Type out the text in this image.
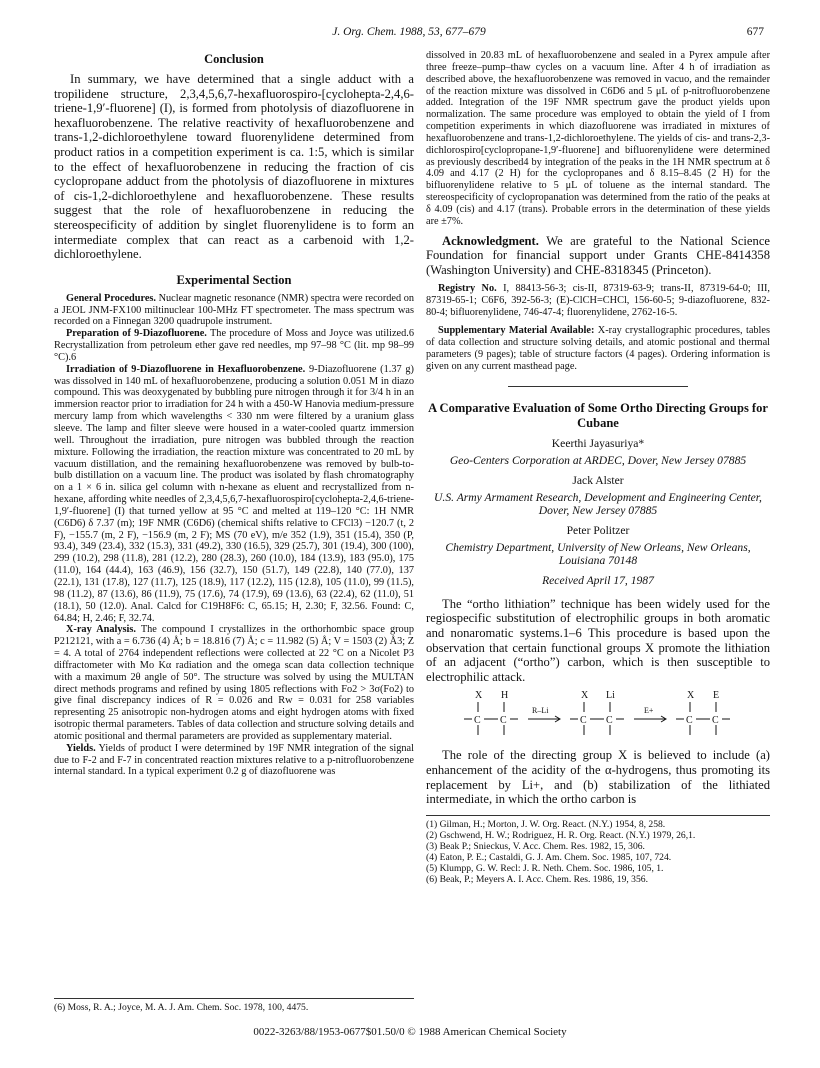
J. Org. Chem. 1988, 53, 677–679	677
Conclusion

In summary, we have determined that a single adduct with a tropilidene structure, 2,3,4,5,6,7-hexafluorospiro-[cyclohepta-2,4,6-triene-1,9′-fluorene] (I), is formed from photolysis of diazofluorene in hexafluorobenzene. The relative reactivity of hexafluorobenzene and trans-1,2-dichloroethylene toward fluorenylidene determined from product ratios in a competition experiment is ca. 1:5, which is similar to the effect of hexafluorobenzene in reducing the fraction of cis cyclopropane adduct from the photolysis of diazofluorene in mixtures of cis-1,2-dichloroethylene and hexafluorobenzene. These results suggest that the role of hexafluorobenzene in reducing the stereospecificity of addition by singlet fluorenylidene is to form an intermediate complex that can react as a carbenoid with 1,2-dichloroethylene.

Experimental Section

General Procedures. Nuclear magnetic resonance (NMR) spectra were recorded on a JEOL JNM-FX100 miltinuclear 100-MHz FT spectrometer. The mass spectrum was recorded on a Finnegan 3200 quadrupole instrument.

Preparation of 9-Diazofluorene. The procedure of Moss and Joyce was utilized.6 Recrystallization from petroleum ether gave red needles, mp 97–98 °C (lit. mp 98–99 °C).6

Irradiation of 9-Diazofluorene in Hexafluorobenzene. 9-Diazofluorene (1.37 g) was dissolved in 140 mL of hexafluorobenzene, producing a solution 0.051 M in diazo compound. This was deoxygenated by bubbling pure nitrogen through it for 3/4 h in an immersion reactor prior to irradiation for 24 h with a 450-W Hanovia medium-pressure mercury lamp from which wavelengths < 330 nm were filtered by a uranium glass sleeve. The lamp and filter sleeve were housed in a water-cooled quartz immersion well. Throughout the irradiation, pure nitrogen was bubbled through the reaction mixture. Following the irradiation, the reaction mixture was concentrated to 20 mL by vacuum distillation, and the remaining hexafluorobenzene was removed by bulb-to-bulb distillation on a vacuum line. The product was isolated by flash chromatography on a 1 × 6 in. silica gel column with n-hexane as eluent and recrystallized from n-hexane, affording white needles of 2,3,4,5,6,7-hexafluorospiro[cyclohepta-2,4,6-triene-1,9′-fluorene] (I) that turned yellow at 95 °C and melted at 119–120 °C: 1H NMR (C6D6) δ 7.37 (m); 19F NMR (C6D6) (chemical shifts relative to CFCl3) −120.7 (t, 2 F), −155.7 (m, 2 F), −156.9 (m, 2 F); MS (70 eV), m/e 352 (1.9), 351 (15.4), 350 (P, 93.4), 349 (23.4), 332 (15.3), 331 (49.2), 330 (16.5), 329 (25.7), 301 (19.4), 300 (100), 299 (10.2), 298 (11.8), 281 (12.2), 280 (28.3), 260 (10.0), 184 (13.9), 183 (95.0), 175 (11.0), 164 (44.4), 163 (46.9), 156 (32.7), 150 (51.7), 149 (22.8), 140 (77.0), 137 (22.1), 131 (17.8), 127 (11.7), 125 (18.9), 117 (12.2), 115 (12.8), 105 (11.0), 99 (11.5), 98 (11.2), 87 (13.6), 86 (11.9), 75 (17.6), 74 (17.9), 69 (13.6), 63 (22.4), 62 (11.0), 51 (18.1), 50 (12.0). Anal. Calcd for C19H8F6: C, 65.15; H, 2.30; F, 32.56. Found: C, 64.84; H, 2.46; F, 32.74.

X-ray Analysis. The compound I crystallizes in the orthorhombic space group P212121, with a = 6.736 (4) Å; b = 18.816 (7) Å; c = 11.982 (5) Å; V = 1503 (2) Å3; Z = 4. A total of 2764 independent reflections were collected at 22 °C on a Nicolet P3 diffractometer with Mo Kα radiation and the omega scan data collection technique with a maximum 2θ angle of 50°. The structure was solved by using the MULTAN direct methods programs and refined by using 1805 reflections with Fo2 > 3σ(Fo2) to give final discrepancy indices of R = 0.026 and Rw = 0.031 for 258 variables representing 25 anisotropic non-hydrogen atoms and eight hydrogen atoms with fixed isotropic thermal parameters. Tables of data collection and structure solving details and atomic positional and thermal parameters are provided as supplementary material.

Yields. Yields of product I were determined by 19F NMR integration of the signal due to F-2 and F-7 in concentrated reaction mixtures relative to a p-nitrofluorobenzene internal standard. In a typical experiment 0.2 g of diazofluorene was

(6) Moss, R. A.; Joyce, M. A. J. Am. Chem. Soc. 1978, 100, 4475.

dissolved in 20.83 mL of hexafluorobenzene and sealed in a Pyrex ampule after three freeze–pump–thaw cycles on a vacuum line. After 4 h of irradiation as described above, the hexafluorobenzene was removed in vacuo, and the remainder of the reaction mixture was dissolved in C6D6 and 5 μL of p-nitrofluorobenzene added. Integration of the 19F NMR spectrum gave the product yields upon normalization. The same procedure was employed to obtain the yield of I from competition experiments in which diazofluorene was irradiated in mixtures of hexafluorobenzene and trans-1,2-dichloroethylene. The yields of cis- and trans-2,3-dichlorospiro[cyclopropane-1,9′-fluorene] and bifluorenylidene were determined as previously described4 by integration of the peaks in the 1H NMR spectrum at δ 4.09 and 4.17 (2 H) for the cyclopropanes and δ 8.15–8.45 (2 H) for the bifluorenylidene relative to 5 μL of toluene as the internal standard. The stereospecificity of cyclopropanation was determined from the ratio of the peaks at δ 4.09 (cis) and 4.17 (trans). Probable errors in the determination of these yields are ±7%.

Acknowledgment. We are grateful to the National Science Foundation for financial support under Grants CHE-8414358 (Washington University) and CHE-8318345 (Princeton).

Registry No. I, 88413-56-3; cis-II, 87319-63-9; trans-II, 87319-64-0; III, 87319-65-1; C6F6, 392-56-3; (E)-ClCH=CHCl, 156-60-5; 9-diazofluorene, 832-80-4; bifluorenylidene, 746-47-4; fluorenylidene, 2762-16-5.

Supplementary Material Available: X-ray crystallographic procedures, tables of data collection and structure solving details, and atomic postional and thermal parameters (9 pages); table of structure factors (4 pages). Ordering information is given on any current masthead page.

A Comparative Evaluation of Some Ortho Directing Groups for Cubane
Keerthi Jayasuriya*
Geo-Centers Corporation at ARDEC, Dover, New Jersey 07885
Jack Alster
U.S. Army Armament Research, Development and Engineering Center, Dover, New Jersey 07885
Peter Politzer
Chemistry Department, University of New Orleans, New Orleans, Louisiana 70148
Received April 17, 1987

The “ortho lithiation” technique has been widely used for the regiospecific substitution of electrophilic groups in both aromatic and nonaromatic systems.1–6 This procedure is based upon the observation that certain functional groups X promote the lithiation of an adjacent (“ortho”) carbon, which is then susceptible to electrophilic attack.

X H
C C
R–Li
X Li
C C
E+
X E
C C

The role of the directing group X is believed to include (a) enhancement of the acidity of the α-hydrogens, thus promoting its replacement by Li+, and (b) stabilization of the lithiated intermediate, in which the ortho carbon is

(1) Gilman, H.; Morton, J. W. Org. React. (N.Y.) 1954, 8, 258.
(2) Gschwend, H. W.; Rodriguez, H. R. Org. React. (N.Y.) 1979, 26,1.
(3) Beak P.; Snieckus, V. Acc. Chem. Res. 1982, 15, 306.
(4) Eaton, P. E.; Castaldi, G. J. Am. Chem. Soc. 1985, 107, 724.
(5) Klumpp, G. W. Recl: J. R. Neth. Chem. Soc. 1986, 105, 1.
(6) Beak, P.; Meyers A. I. Acc. Chem. Res. 1986, 19, 356.
0022-3263/88/1953-0677$01.50/0 © 1988 American Chemical Society
